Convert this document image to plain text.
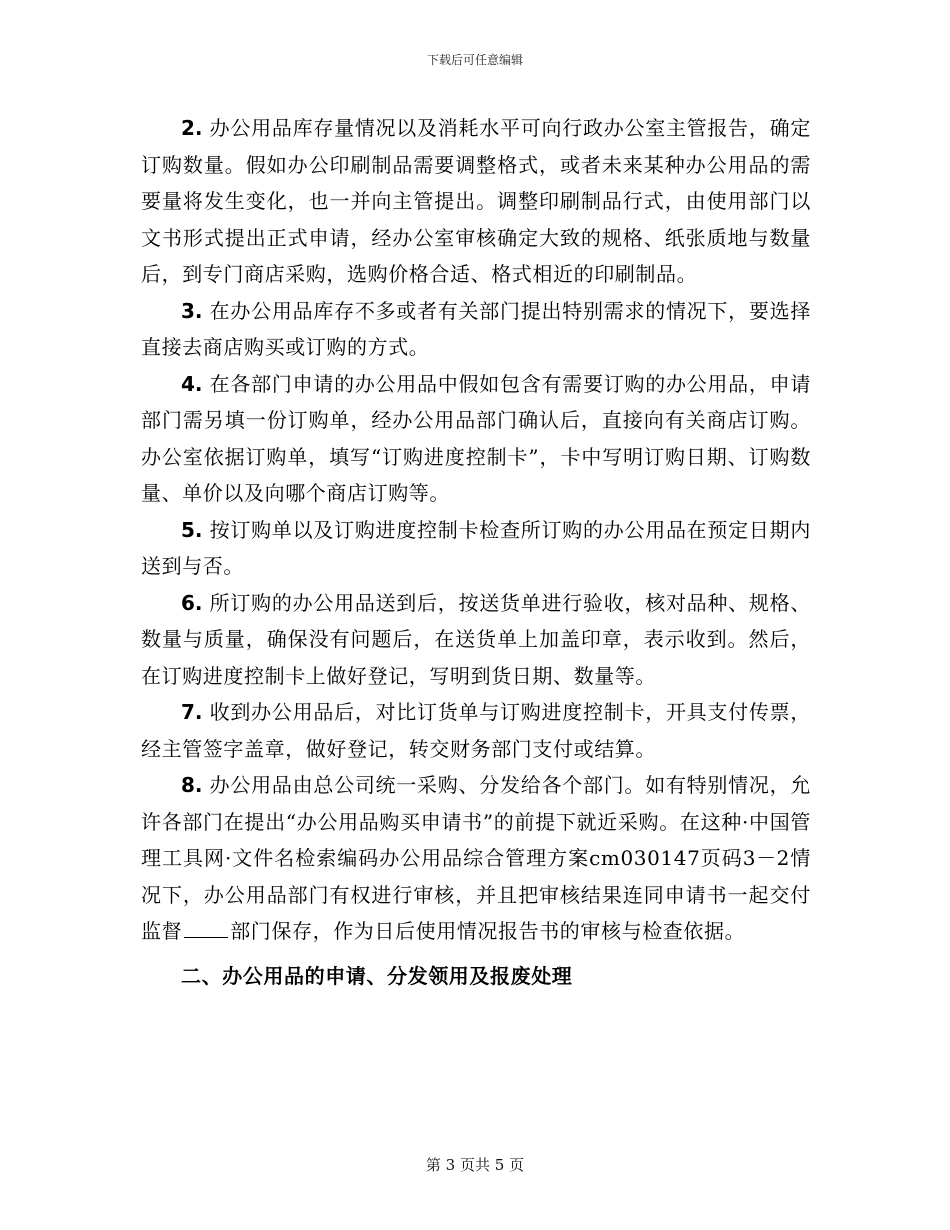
下载后可任意编辑

2. 办公用品库存量情况以及消耗水平可向行政办公室主管报告，确定订购数量。假如办公印刷制品需要调整格式，或者未来某种办公用品的需要量将发生变化，也一并向主管提出。调整印刷制品行式，由使用部门以文书形式提出正式申请，经办公室审核确定大致的规格、纸张质地与数量后，到专门商店采购，选购价格合适、格式相近的印刷制品。

3. 在办公用品库存不多或者有关部门提出特别需求的情况下，要选择直接去商店购买或订购的方式。

4. 在各部门申请的办公用品中假如包含有需要订购的办公用品，申请部门需另填一份订购单，经办公用品部门确认后，直接向有关商店订购。办公室依据订购单，填写“订购进度控制卡”，卡中写明订购日期、订购数量、单价以及向哪个商店订购等。

5. 按订购单以及订购进度控制卡检查所订购的办公用品在预定日期内送到与否。

6. 所订购的办公用品送到后，按送货单进行验收，核对品种、规格、数量与质量，确保没有问题后，在送货单上加盖印章，表示收到。然后，在订购进度控制卡上做好登记，写明到货日期、数量等。

7. 收到办公用品后，对比订货单与订购进度控制卡，开具支付传票，经主管签字盖章，做好登记，转交财务部门支付或结算。

8. 办公用品由总公司统一采购、分发给各个部门。如有特别情况，允许各部门在提出“办公用品购买申请书”的前提下就近采购。在这种·中国管理工具网·文件名检索编码办公用品综合管理方案cm030147页码3－2情况下，办公用品部门有权进行审核，并且把审核结果连同申请书一起交付监督 部门保存，作为日后使用情况报告书的审核与检查依据。

二、办公用品的申请、分发领用及报废处理

第 3 页共 5 页
